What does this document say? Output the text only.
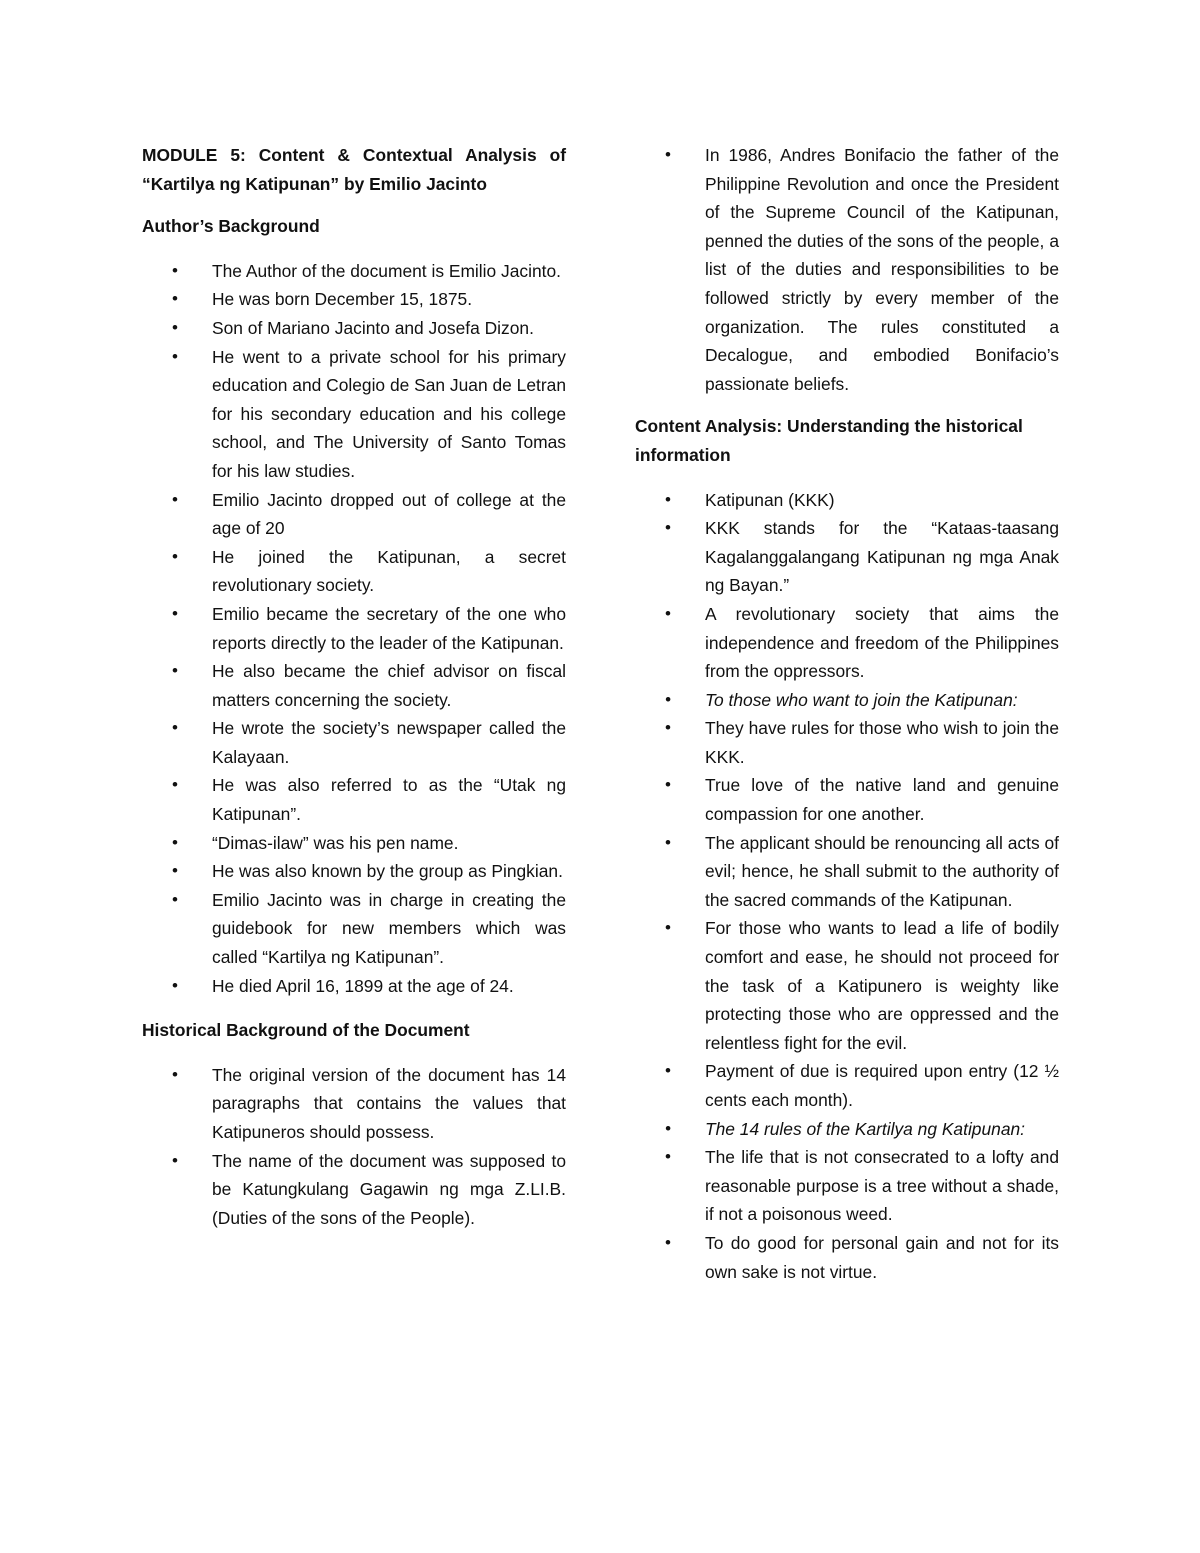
MODULE 5: Content & Contextual Analysis of “Kartilya ng Katipunan” by Emilio Jacinto

Author’s Background

• The Author of the document is Emilio Jacinto.
• He was born December 15, 1875.
• Son of Mariano Jacinto and Josefa Dizon.
• He went to a private school for his primary education and Colegio de San Juan de Letran for his secondary education and his college school, and The University of Santo Tomas for his law studies.
• Emilio Jacinto dropped out of college at the age of 20
• He joined the Katipunan, a secret revolutionary society.
• Emilio became the secretary of the one who reports directly to the leader of the Katipunan.
• He also became the chief advisor on fiscal matters concerning the society.
• He wrote the society’s newspaper called the Kalayaan.
• He was also referred to as the “Utak ng Katipunan”.
• “Dimas-ilaw” was his pen name.
• He was also known by the group as Pingkian.
• Emilio Jacinto was in charge in creating the guidebook for new members which was called “Kartilya ng Katipunan”.
• He died April 16, 1899 at the age of 24.

Historical Background of the Document

• The original version of the document has 14 paragraphs that contains the values that Katipuneros should possess.
• The name of the document was supposed to be Katungkulang Gagawin ng mga Z.LI.B. (Duties of the sons of the People).
• In 1986, Andres Bonifacio the father of the Philippine Revolution and once the President of the Supreme Council of the Katipunan, penned the duties of the sons of the people, a list of the duties and responsibilities to be followed strictly by every member of the organization. The rules constituted a Decalogue, and embodied Bonifacio’s passionate beliefs.

Content Analysis: Understanding the historical information

• Katipunan (KKK)
• KKK stands for the “Kataas-taasang Kagalanggalangang Katipunan ng mga Anak ng Bayan.”
• A revolutionary society that aims the independence and freedom of the Philippines from the oppressors.
• To those who want to join the Katipunan:
• They have rules for those who wish to join the KKK.
• True love of the native land and genuine compassion for one another.
• The applicant should be renouncing all acts of evil; hence, he shall submit to the authority of the sacred commands of the Katipunan.
• For those who wants to lead a life of bodily comfort and ease, he should not proceed for the task of a Katipunero is weighty like protecting those who are oppressed and the relentless fight for the evil.
• Payment of due is required upon entry (12 ½ cents each month).
• The 14 rules of the Kartilya ng Katipunan:
• The life that is not consecrated to a lofty and reasonable purpose is a tree without a shade, if not a poisonous weed.
• To do good for personal gain and not for its own sake is not virtue.
